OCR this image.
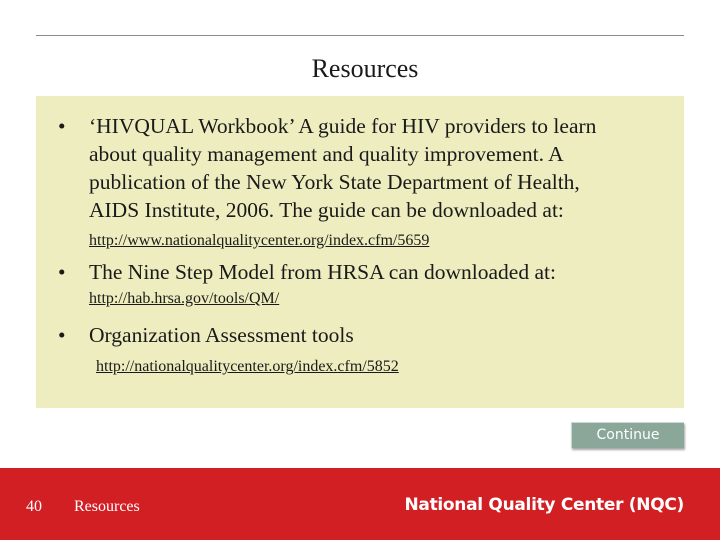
Resources
• ‘HIVQUAL Workbook’ A guide for HIV providers to learn
about quality management and quality improvement. A
publication of the New York State Department of Health,
AIDS Institute, 2006. The guide can be downloaded at:
http://www.nationalqualitycenter.org/index.cfm/5659
• The Nine Step Model from HRSA can downloaded at:
http://hab.hrsa.gov/tools/QM/
• Organization Assessment tools
http://nationalqualitycenter.org/index.cfm/5852
Continue
40 Resources	National Quality Center (NQC)
